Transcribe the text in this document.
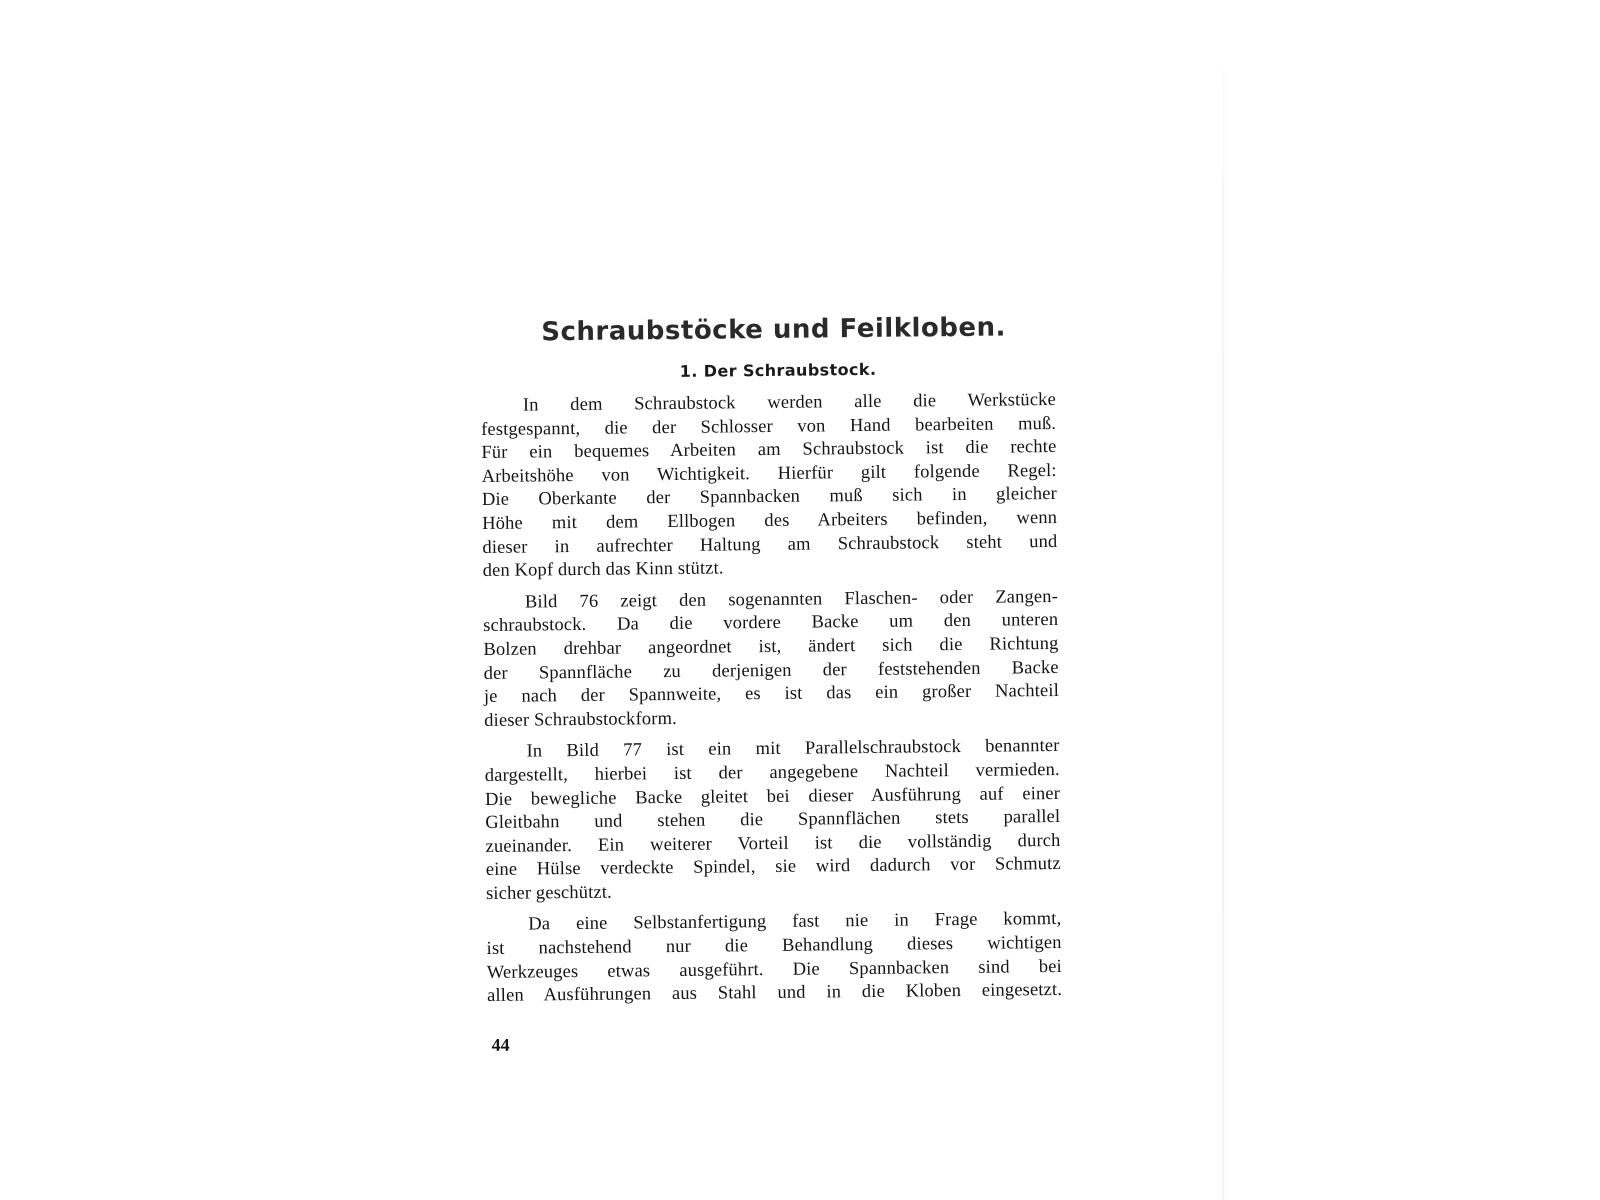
Schraubstöcke und Feilkloben.
1. Der Schraubstock.
In dem Schraubstock werden alle die Werkstücke
festgespannt, die der Schlosser von Hand bearbeiten muß.
Für ein bequemes Arbeiten am Schraubstock ist die rechte
Arbeitshöhe von Wichtigkeit. Hierfür gilt folgende Regel:
Die Oberkante der Spannbacken muß sich in gleicher
Höhe mit dem Ellbogen des Arbeiters befinden, wenn
dieser in aufrechter Haltung am Schraubstock steht und
den Kopf durch das Kinn stützt.
Bild 76 zeigt den sogenannten Flaschen- oder Zangen-
schraubstock. Da die vordere Backe um den unteren
Bolzen drehbar angeordnet ist, ändert sich die Richtung
der Spannfläche zu derjenigen der feststehenden Backe
je nach der Spannweite, es ist das ein großer Nachteil
dieser Schraubstockform.
In Bild 77 ist ein mit Parallelschraubstock benannter
dargestellt, hierbei ist der angegebene Nachteil vermieden.
Die bewegliche Backe gleitet bei dieser Ausführung auf einer
Gleitbahn und stehen die Spannflächen stets parallel
zueinander. Ein weiterer Vorteil ist die vollständig durch
eine Hülse verdeckte Spindel, sie wird dadurch vor Schmutz
sicher geschützt.
Da eine Selbstanfertigung fast nie in Frage kommt,
ist nachstehend nur die Behandlung dieses wichtigen
Werkzeuges etwas ausgeführt. Die Spannbacken sind bei
allen Ausführungen aus Stahl und in die Kloben eingesetzt.
44
